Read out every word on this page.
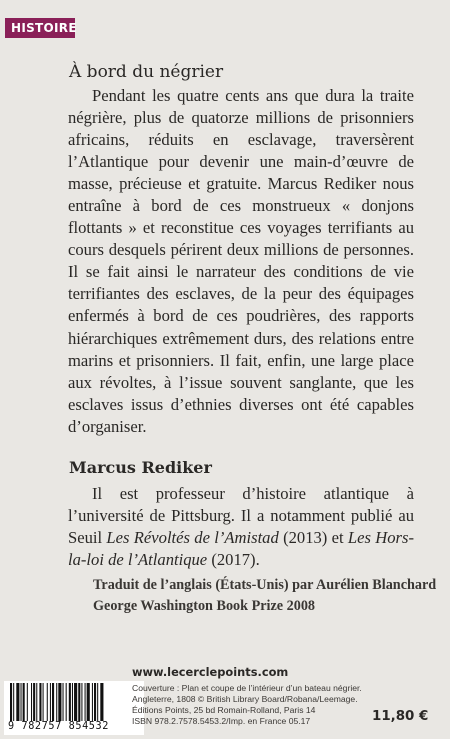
HISTOIRE
À bord du négrier

Pendant les quatre cents ans que dura la traite négrière, plus de quatorze millions de prisonniers africains, réduits en esclavage, traversèrent l’Atlantique pour devenir une main-d’œuvre de masse, précieuse et gratuite. Marcus Rediker nous entraîne à bord de ces monstrueux « donjons flottants » et reconstitue ces voyages terrifiants au cours desquels périrent deux millions de personnes. Il se fait ainsi le narrateur des conditions de vie terrifiantes des esclaves, de la peur des équipages enfermés à bord de ces poudrières, des rapports hiérarchiques extrêmement durs, des relations entre marins et prisonniers. Il fait, enfin, une large place aux révoltes, à l’issue souvent sanglante, que les esclaves issus d’ethnies diverses ont été capables d’organiser.

Marcus Rediker

Il est professeur d’histoire atlantique à l’université de Pittsburg. Il a notamment publié au Seuil Les Révoltés de l’Amistad (2013) et Les Hors-la-loi de l’Atlantique (2017).

Traduit de l’anglais (États-Unis) par Aurélien Blanchard
George Washington Book Prize 2008
www.lecerclepoints.com
9 782757 854532
Couverture : Plan et coupe de l’intérieur d’un bateau négrier.
Angleterre, 1808 © British Library Board/Robana/Leemage.
Éditions Points, 25 bd Romain-Rolland, Paris 14
ISBN 978.2.7578.5453.2/Imp. en France 05.17	11,80 €
